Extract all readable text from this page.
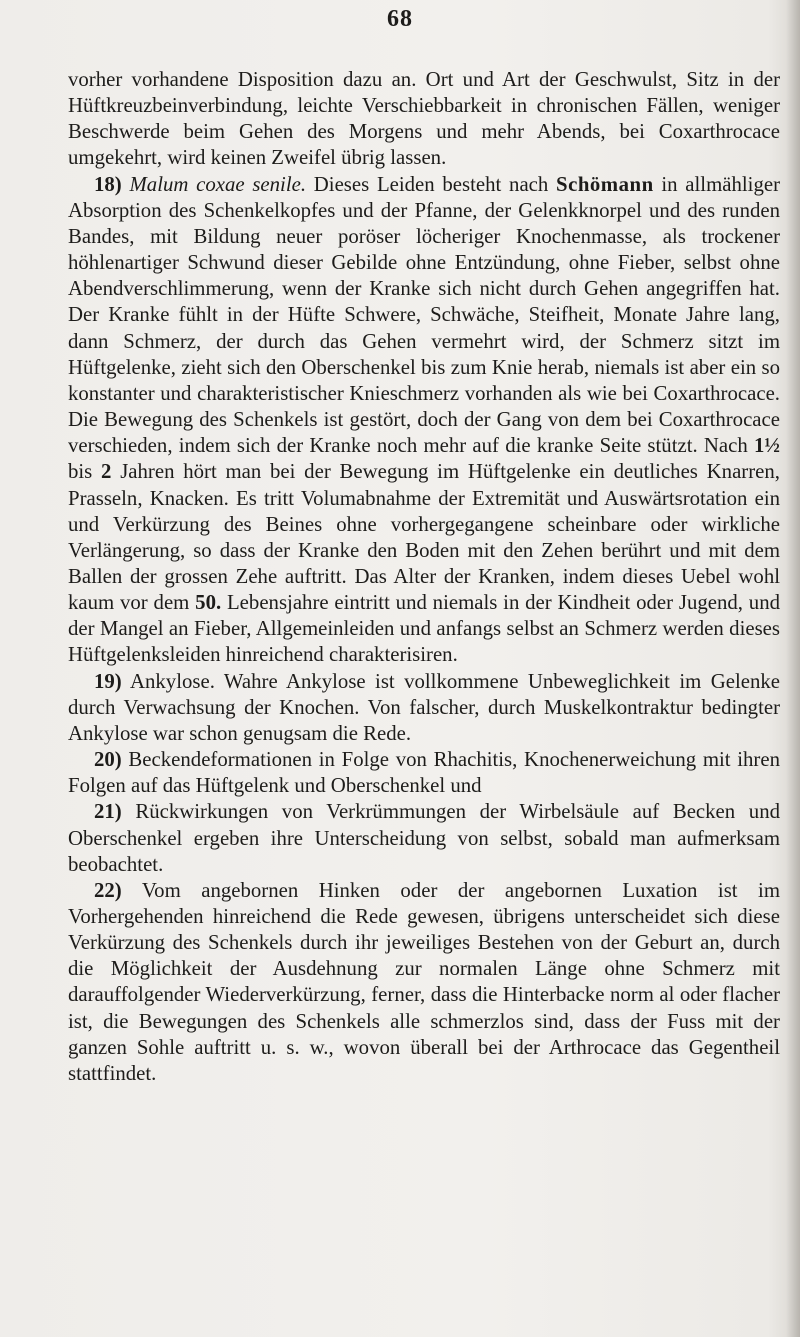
68

vorher vorhandene Disposition dazu an. Ort und Art der Geschwulst, Sitz in der Hüftkreuzbeinverbindung, leichte Verschiebbarkeit in chronischen Fällen, weniger Beschwerde beim Gehen des Morgens und mehr Abends, bei Coxarthrocace umgekehrt, wird keinen Zweifel übrig lassen.

18) Malum coxae senile. Dieses Leiden besteht nach Schömann in allmähliger Absorption des Schenkelkopfes und der Pfanne, der Gelenkknorpel und des runden Bandes, mit Bildung neuer poröser löcheriger Knochenmasse, als trockener höhlenartiger Schwund dieser Gebilde ohne Entzündung, ohne Fieber, selbst ohne Abendverschlimmerung, wenn der Kranke sich nicht durch Gehen angegriffen hat. Der Kranke fühlt in der Hüfte Schwere, Schwäche, Steifheit, Monate Jahre lang, dann Schmerz, der durch das Gehen vermehrt wird, der Schmerz sitzt im Hüftgelenke, zieht sich den Oberschenkel bis zum Knie herab, niemals ist aber ein so konstanter und charakteristischer Knieschmerz vorhanden als wie bei Coxarthrocace. Die Bewegung des Schenkels ist gestört, doch der Gang von dem bei Coxarthrocace verschieden, indem sich der Kranke noch mehr auf die kranke Seite stützt. Nach 1½ bis 2 Jahren hört man bei der Bewegung im Hüftgelenke ein deutliches Knarren, Prasseln, Knacken. Es tritt Volumabnahme der Extremität und Auswärtsrotation ein und Verkürzung des Beines ohne vorhergegangene scheinbare oder wirkliche Verlängerung, so dass der Kranke den Boden mit den Zehen berührt und mit dem Ballen der grossen Zehe auftritt. Das Alter der Kranken, indem dieses Uebel wohl kaum vor dem 50. Lebensjahre eintritt und niemals in der Kindheit oder Jugend, und der Mangel an Fieber, Allgemeinleiden und anfangs selbst an Schmerz werden dieses Hüftgelenksleiden hinreichend charakterisiren.

19) Ankylose. Wahre Ankylose ist vollkommene Unbeweglichkeit im Gelenke durch Verwachsung der Knochen. Von falscher, durch Muskelkontraktur bedingter Ankylose war schon genugsam die Rede.

20) Beckendeformationen in Folge von Rhachitis, Knochenerweichung mit ihren Folgen auf das Hüftgelenk und Oberschenkel und

21) Rückwirkungen von Verkrümmungen der Wirbelsäule auf Becken und Oberschenkel ergeben ihre Unterscheidung von selbst, sobald man aufmerksam beobachtet.

22) Vom angebornen Hinken oder der angebornen Luxation ist im Vorhergehenden hinreichend die Rede gewesen, übrigens unterscheidet sich diese Verkürzung des Schenkels durch ihr jeweiliges Bestehen von der Geburt an, durch die Möglichkeit der Ausdehnung zur normalen Länge ohne Schmerz mit darauffolgender Wiederverkürzung, ferner, dass die Hinterbacke norm al oder flacher ist, die Bewegungen des Schenkels alle schmerzlos sind, dass der Fuss mit der ganzen Sohle auftritt u. s. w., wovon überall bei der Arthrocace das Gegentheil stattfindet.
